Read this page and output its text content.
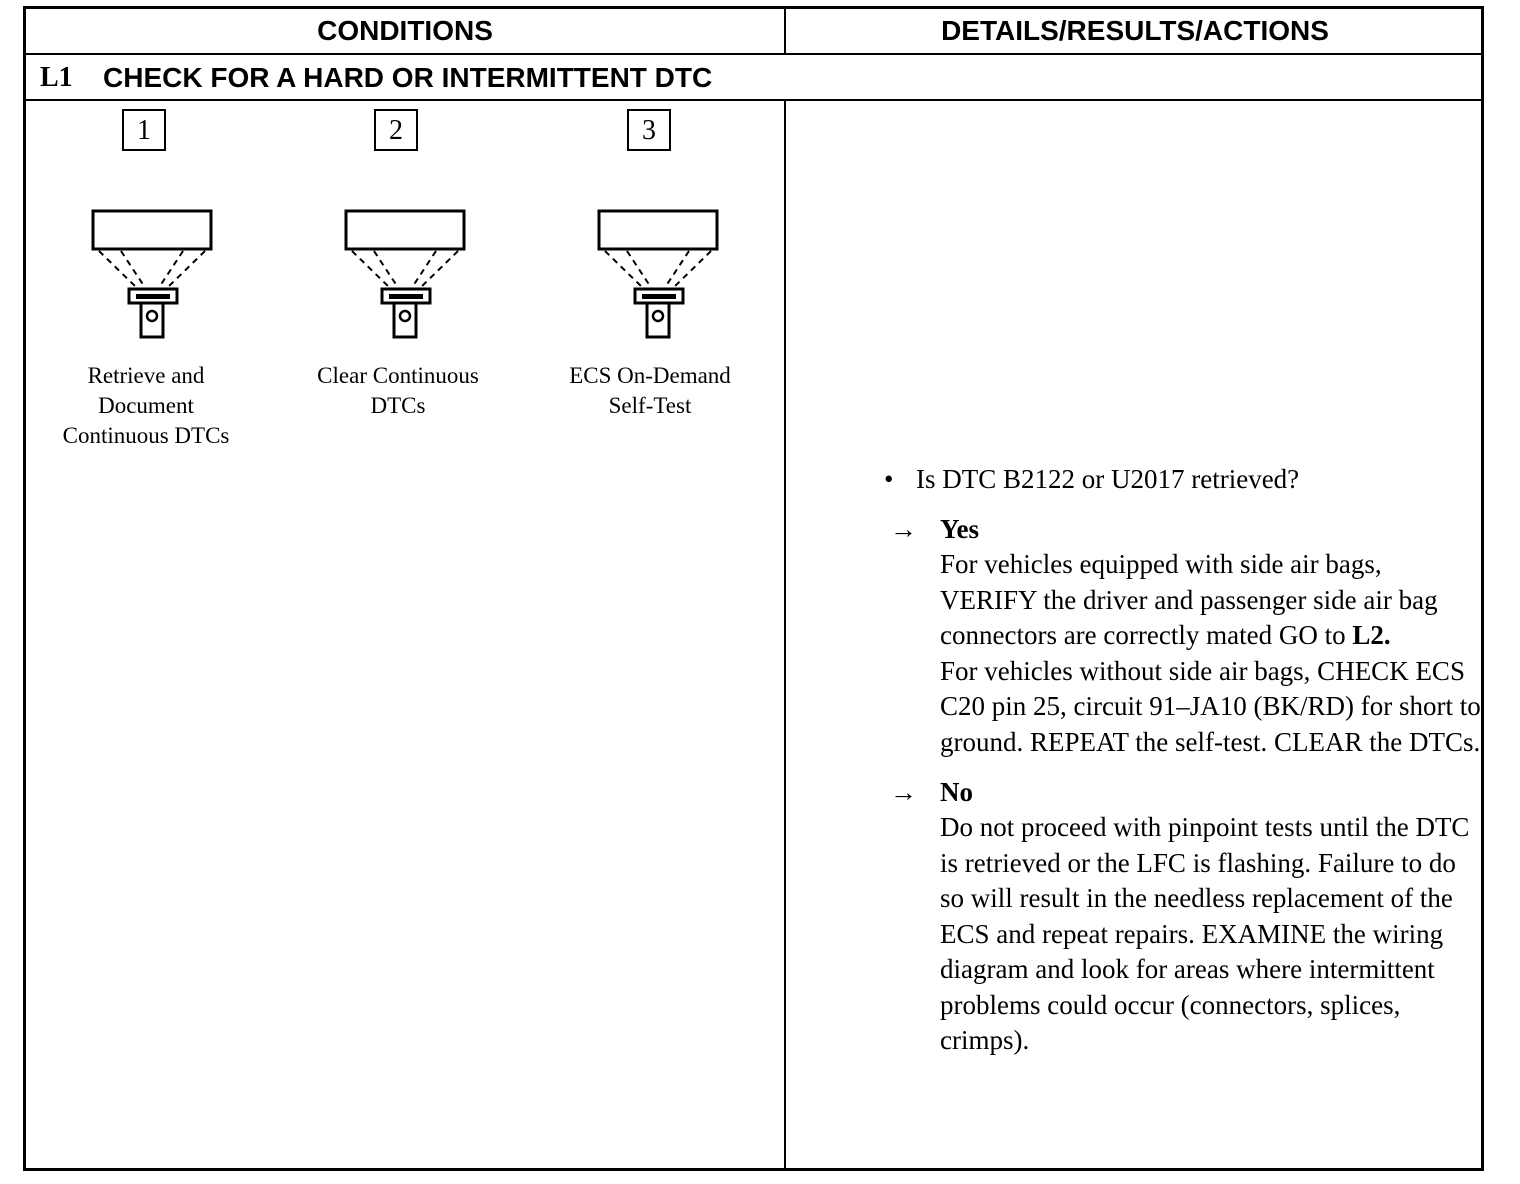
CONDITIONS	DETAILS/RESULTS/ACTIONS
L1 CHECK FOR A HARD OR INTERMITTENT DTC
1
Retrieve and
Document
Continuous DTCs
2
Clear Continuous
DTCs
3
ECS On-Demand
Self-Test
• Is DTC B2122 or U2017 retrieved?
→ Yes
For vehicles equipped with side air bags, VERIFY the driver and passenger side air bag connectors are correctly mated GO to L2.
For vehicles without side air bags, CHECK ECS C20 pin 25, circuit 91–JA10 (BK/RD) for short to ground. REPEAT the self-test. CLEAR the DTCs.
→ No
Do not proceed with pinpoint tests until the DTC is retrieved or the LFC is flashing. Failure to do so will result in the needless replacement of the ECS and repeat repairs. EXAMINE the wiring diagram and look for areas where intermittent problems could occur (connectors, splices, crimps).
